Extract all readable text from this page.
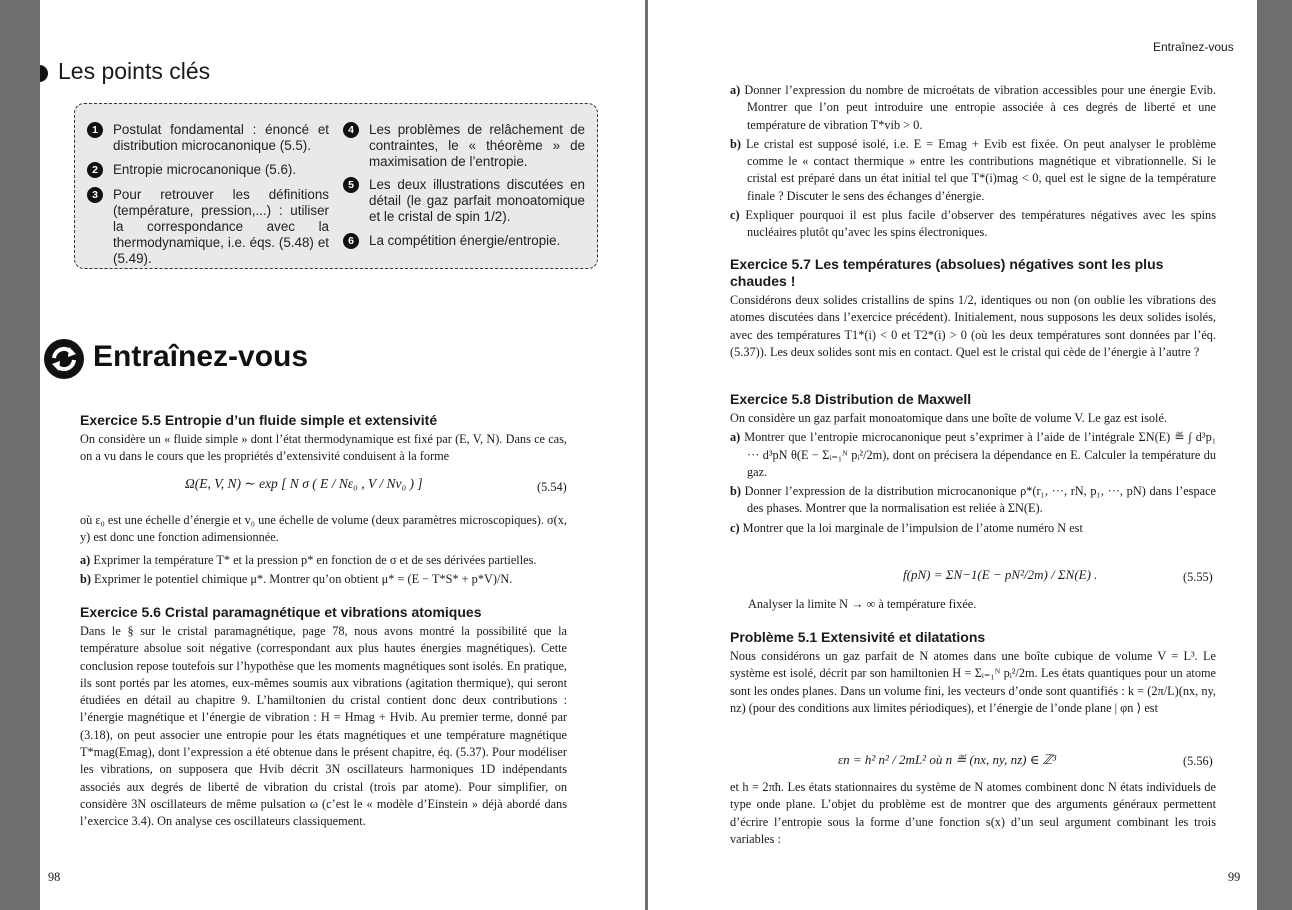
Les points clés
1	Postulat fondamental : énoncé et distribution microcanonique (5.5).
2	Entropie microcanonique (5.6).
3	Pour retrouver les définitions (température, pression,...) : utiliser la correspondance avec la thermodynamique, i.e. éqs. (5.48) et (5.49).
4	Les problèmes de relâchement de contraintes, le « théorème » de maximisation de l’entropie.
5	Les deux illustrations discutées en détail (le gaz parfait monoatomique et le cristal de spin 1/2).
6	La compétition énergie/entropie.
Entraînez-vous

Exercice 5.5 Entropie d’un fluide simple et extensivité

On considère un « fluide simple » dont l’état thermodynamique est fixé par (E, V, N). Dans ce cas, on a vu dans le cours que les propriétés d’extensivité conduisent à la forme

Ω(E, V, N) ∼ exp [ N σ ( E / Nε₀ , V / Nv₀ ) ]	(5.54)

où ε₀ est une échelle d’énergie et v₀ une échelle de volume (deux paramètres microscopiques). σ(x, y) est donc une fonction adimensionnée.

a) Exprimer la température T* et la pression p* en fonction de σ et de ses dérivées partielles.

b) Exprimer le potentiel chimique μ*. Montrer qu’on obtient μ* = (E − T*S* + p*V)/N.

Exercice 5.6 Cristal paramagnétique et vibrations atomiques

Dans le § sur le cristal paramagnétique, page 78, nous avons montré la possibilité que la température absolue soit négative (correspondant aux plus hautes énergies magnétiques). Cette conclusion repose toutefois sur l’hypothèse que les moments magnétiques sont isolés. En pratique, ils sont portés par les atomes, eux-mêmes soumis aux vibrations (agitation thermique), qui seront étudiées en détail au chapitre 9. L’hamiltonien du cristal contient donc deux contributions : l’énergie magnétique et l’énergie de vibration : H = Hmag + Hvib. Au premier terme, donné par (3.18), on peut associer une entropie pour les états magnétiques et une température magnétique T*mag(Emag), dont l’expression a été obtenue dans le présent chapitre, éq. (5.37). Pour modéliser les vibrations, on supposera que Hvib décrit 3N oscillateurs harmoniques 1D indépendants associés aux degrés de liberté de vibration du cristal (trois par atome). Pour simplifier, on considère 3N oscillateurs de même pulsation ω (c’est le « modèle d’Einstein » déjà abordé dans l’exercice 3.4). On analyse ces oscillateurs classiquement.

98
Entraînez-vous

a) Donner l’expression du nombre de microétats de vibration accessibles pour une énergie Evib. Montrer que l’on peut introduire une entropie associée à ces degrés de liberté et une température de vibration T*vib > 0.

b) Le cristal est supposé isolé, i.e. E = Emag + Evib est fixée. On peut analyser le problème comme le « contact thermique » entre les contributions magnétique et vibrationnelle. Si le cristal est préparé dans un état initial tel que T*(i)mag < 0, quel est le signe de la température finale ? Discuter le sens des échanges d’énergie.

c) Expliquer pourquoi il est plus facile d’observer des températures négatives avec les spins nucléaires plutôt qu’avec les spins électroniques.

Exercice 5.7 Les températures (absolues) négatives sont les plus chaudes !

Considérons deux solides cristallins de spins 1/2, identiques ou non (on oublie les vibrations des atomes discutées dans l’exercice précédent). Initialement, nous supposons les deux solides isolés, avec des températures T1*(i) < 0 et T2*(i) > 0 (où les deux températures sont données par l’éq. (5.37)). Les deux solides sont mis en contact. Quel est le cristal qui cède de l’énergie à l’autre ?

Exercice 5.8 Distribution de Maxwell

On considère un gaz parfait monoatomique dans une boîte de volume V. Le gaz est isolé.

a) Montrer que l’entropie microcanonique peut s’exprimer à l’aide de l’intégrale ΣN(E) ≝ ∫ d³p₁ ··· d³pN θ(E − Σᵢ₌₁ᴺ pᵢ²/2m), dont on précisera la dépendance en E. Calculer la température du gaz.

b) Donner l’expression de la distribution microcanonique ρ*(r₁, ···, rN, p₁, ···, pN) dans l’espace des phases. Montrer que la normalisation est reliée à ΣN(E).

c) Montrer que la loi marginale de l’impulsion de l’atome numéro N est

f(pN) = ΣN−1(E − pN²/2m) / ΣN(E) .	(5.55)
Analyser la limite N → ∞ à température fixée.

Problème 5.1 Extensivité et dilatations

Nous considérons un gaz parfait de N atomes dans une boîte cubique de volume V = L³. Le système est isolé, décrit par son hamiltonien H = Σᵢ₌₁ᴺ pᵢ²/2m. Les états quantiques pour un atome sont les ondes planes. Dans un volume fini, les vecteurs d’onde sont quantifiés : k = (2π/L)(nx, ny, nz) (pour des conditions aux limites périodiques), et l’énergie de l’onde plane | φn ⟩ est

εn = h² n² / 2mL² où n ≝ (nx, ny, nz) ∈ ℤ³	(5.56)

et h = 2πħ. Les états stationnaires du système de N atomes combinent donc N états individuels de type onde plane. L’objet du problème est de montrer que des arguments généraux permettent d’écrire l’entropie sous la forme d’une fonction s(x) d’un seul argument combinant les trois variables :

99
